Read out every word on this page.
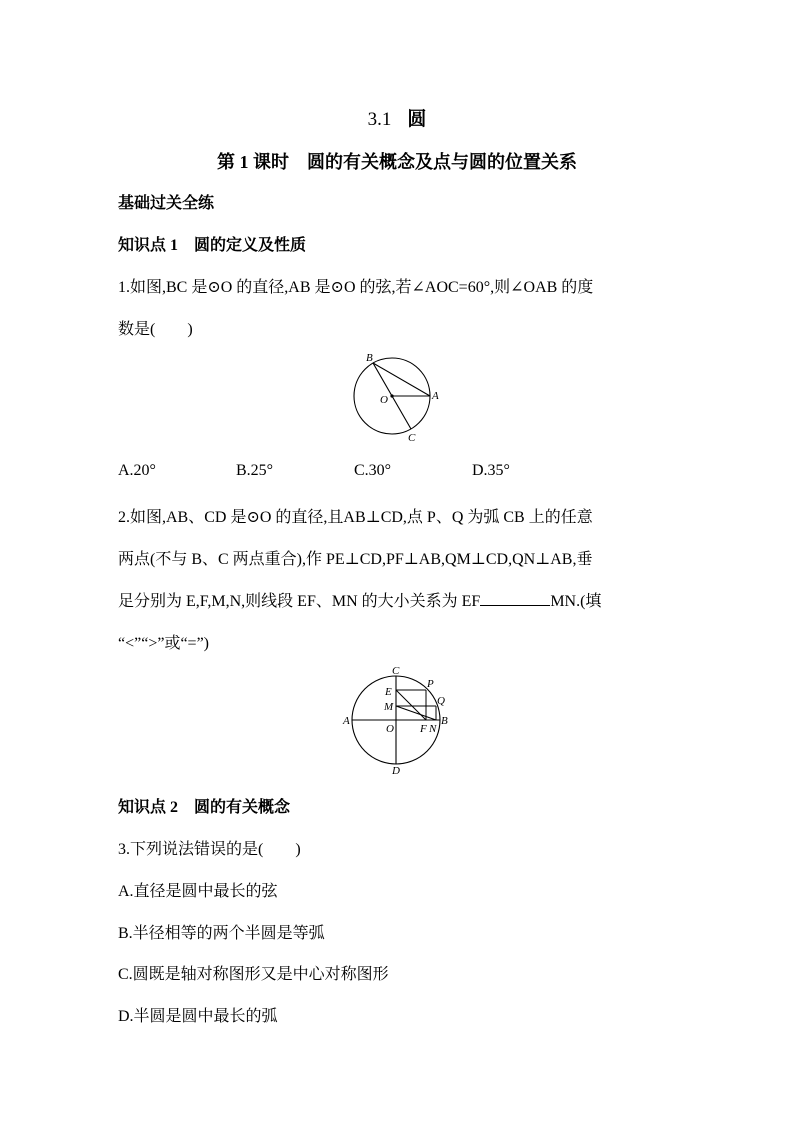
3.1 圆
第 1 课时　圆的有关概念及点与圆的位置关系
基础过关全练
知识点 1　圆的定义及性质
1.如图,BC 是⊙O 的直径,AB 是⊙O 的弦,若∠AOC=60°,则∠OAB 的度
数是(　　)
B
O	A
C
A.20°	B.25°	C.30°	D.35°
2.如图,AB、CD 是⊙O 的直径,且AB⊥CD,点 P、Q 为弧 CB 上的任意
两点(不与 B、C 两点重合),作 PE⊥CD,PF⊥AB,QM⊥CD,QN⊥AB,垂
足分别为 E,F,M,N,则线段 EF、MN 的大小关系为 EF	MN.(填
“<”“>”或“=”)
C
P
E
Q
M
A
O F N
B
D
知识点 2　圆的有关概念
3.下列说法错误的是(　　)
A.直径是圆中最长的弦
B.半径相等的两个半圆是等弧
C.圆既是轴对称图形又是中心对称图形
D.半圆是圆中最长的弧
